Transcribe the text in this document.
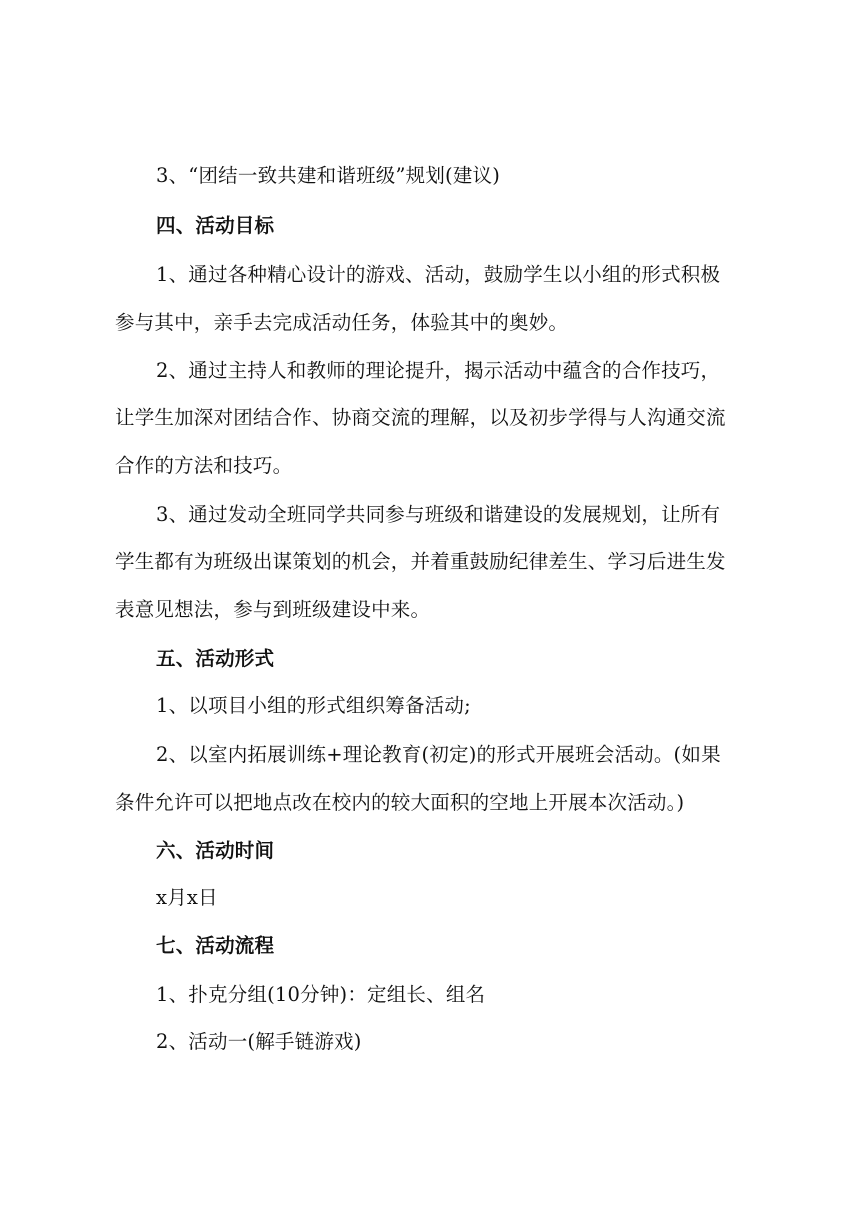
3、“团结一致共建和谐班级”规划(建议)
四、活动目标
1、通过各种精心设计的游戏、活动，鼓励学生以小组的形式积极
参与其中，亲手去完成活动任务，体验其中的奥妙。
2、通过主持人和教师的理论提升，揭示活动中蕴含的合作技巧，
让学生加深对团结合作、协商交流的理解，以及初步学得与人沟通交流
合作的方法和技巧。
3、通过发动全班同学共同参与班级和谐建设的发展规划，让所有
学生都有为班级出谋策划的机会，并着重鼓励纪律差生、学习后进生发
表意见想法，参与到班级建设中来。
五、活动形式
1、以项目小组的形式组织筹备活动;
2、以室内拓展训练+理论教育(初定)的形式开展班会活动。(如果
条件允许可以把地点改在校内的较大面积的空地上开展本次活动。)
六、活动时间
x月x日
七、活动流程
1、扑克分组(10分钟)：定组长、组名
2、活动一(解手链游戏)
